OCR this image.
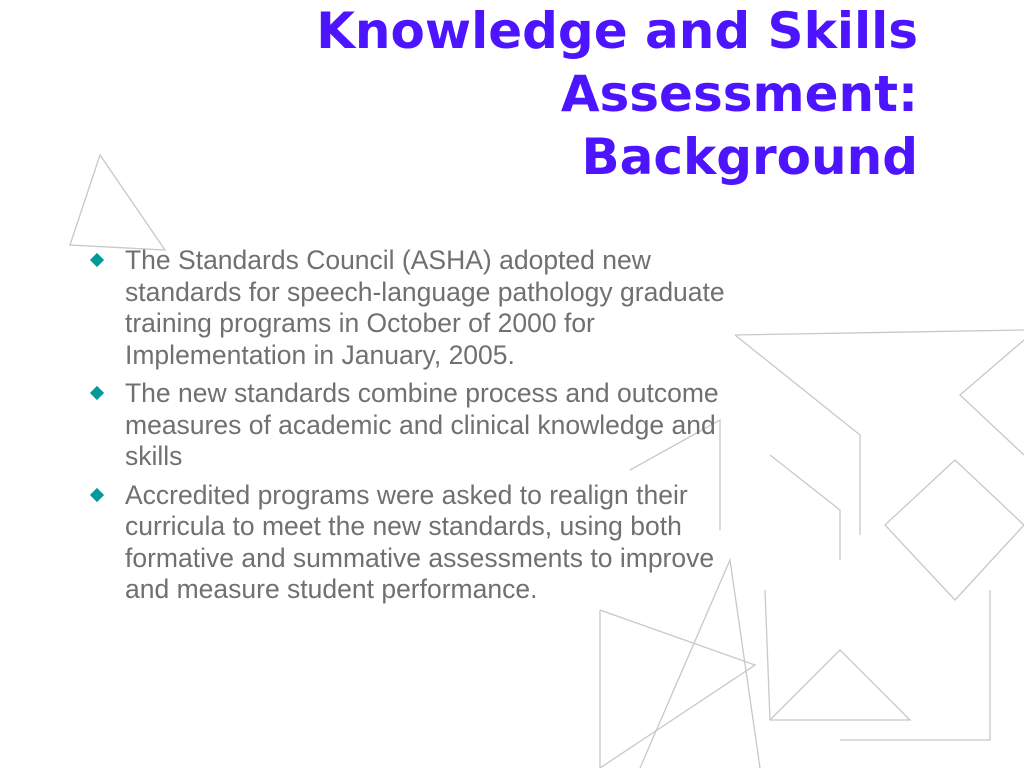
Knowledge and Skills
Assessment:
Background
The Standards Council (ASHA) adopted new
standards for speech-language pathology graduate
training programs in October of 2000 for
Implementation in January, 2005.
The new standards combine process and outcome
measures of academic and clinical knowledge and
skills
Accredited programs were asked to realign their
curricula to meet the new standards, using both
formative and summative assessments to improve
and measure student performance.
